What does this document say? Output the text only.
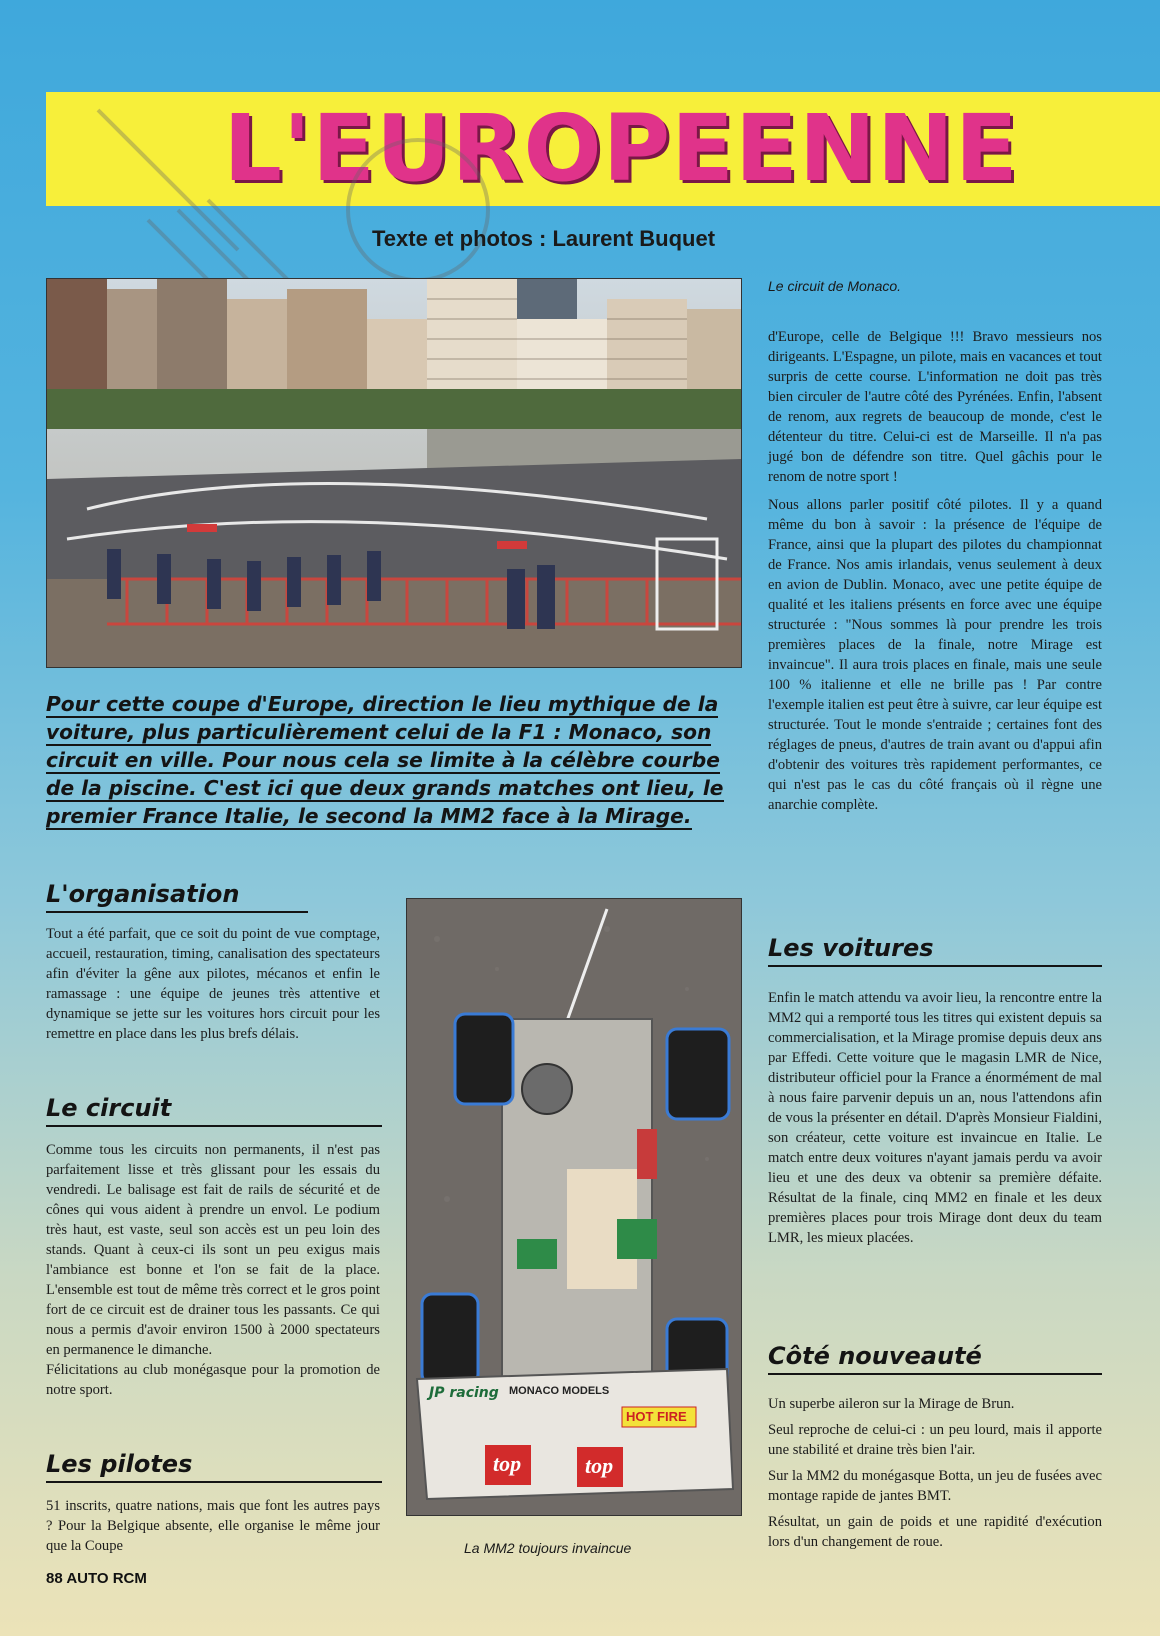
L'EUROPEENNE
Texte et photos : Laurent Buquet
Le circuit de Monaco.

d'Europe, celle de Belgique !!! Bravo messieurs nos dirigeants. L'Espagne, un pilote, mais en vacances et tout surpris de cette course. L'information ne doit pas très bien circuler de l'autre côté des Pyrénées. Enfin, l'absent de renom, aux regrets de beaucoup de monde, c'est le détenteur du titre. Celui-ci est de Marseille. Il n'a pas jugé bon de défendre son titre. Quel gâchis pour le renom de notre sport !

Nous allons parler positif côté pilotes. Il y a quand même du bon à savoir : la présence de l'équipe de France, ainsi que la plupart des pilotes du championnat de France. Nos amis irlandais, venus seulement à deux en avion de Dublin. Monaco, avec une petite équipe de qualité et les italiens présents en force avec une équipe structurée : "Nous sommes là pour prendre les trois premières places de la finale, notre Mirage est invaincue". Il aura trois places en finale, mais une seule 100 % italienne et elle ne brille pas ! Par contre l'exemple italien est peut être à suivre, car leur équipe est structurée. Tout le monde s'entraide ; certaines font des réglages de pneus, d'autres de train avant ou d'appui afin d'obtenir des voitures très rapidement performantes, ce qui n'est pas le cas du côté français où il règne une anarchie complète.

Pour cette coupe d'Europe, direction le lieu mythique de la voiture, plus particulièrement celui de la F1 : Monaco, son circuit en ville. Pour nous cela se limite à la célèbre courbe de la piscine. C'est ici que deux grands matches ont lieu, le premier France Italie, le second la MM2 face à la Mirage.
L'organisation
Tout a été parfait, que ce soit du point de vue comptage, accueil, restauration, timing, canalisation des spectateurs afin d'éviter la gêne aux pilotes, mécanos et enfin le ramassage : une équipe de jeunes très attentive et dynamique se jette sur les voitures hors circuit pour les remettre en place dans les plus brefs délais.
Le circuit

Comme tous les circuits non permanents, il n'est pas parfaitement lisse et très glissant pour les essais du vendredi. Le balisage est fait de rails de sécurité et de cônes qui vous aident à prendre un envol. Le podium très haut, est vaste, seul son accès est un peu loin des stands. Quant à ceux-ci ils sont un peu exigus mais l'ambiance est bonne et l'on se fait de la place. L'ensemble est tout de même très correct et le gros point fort de ce circuit est de drainer tous les passants. Ce qui nous a permis d'avoir environ 1500 à 2000 spectateurs en permanence le dimanche.

Félicitations au club monégasque pour la promotion de notre sport.

Les pilotes
51 inscrits, quatre nations, mais que font les autres pays ? Pour la Belgique absente, elle organise le même jour que la Coupe
JP racing MONACO MODELS
HOT FIRE
top	top
La MM2 toujours invaincue
Les voitures
Enfin le match attendu va avoir lieu, la rencontre entre la MM2 qui a remporté tous les titres qui existent depuis sa commercialisation, et la Mirage promise depuis deux ans par Effedi. Cette voiture que le magasin LMR de Nice, distributeur officiel pour la France a énormément de mal à nous faire parvenir depuis un an, nous l'attendons afin de vous la présenter en détail. D'après Monsieur Fialdini, son créateur, cette voiture est invaincue en Italie. Le match entre deux voitures n'ayant jamais perdu va avoir lieu et une des deux va obtenir sa première défaite. Résultat de la finale, cinq MM2 en finale et les deux premières places pour trois Mirage dont deux du team LMR, les mieux placées.
Côté nouveauté

Un superbe aileron sur la Mirage de Brun.

Seul reproche de celui-ci : un peu lourd, mais il apporte une stabilité et draine très bien l'air.

Sur la MM2 du monégasque Botta, un jeu de fusées avec montage rapide de jantes BMT.

Résultat, un gain de poids et une rapidité d'exécution lors d'un changement de roue.

88 AUTO RCM
